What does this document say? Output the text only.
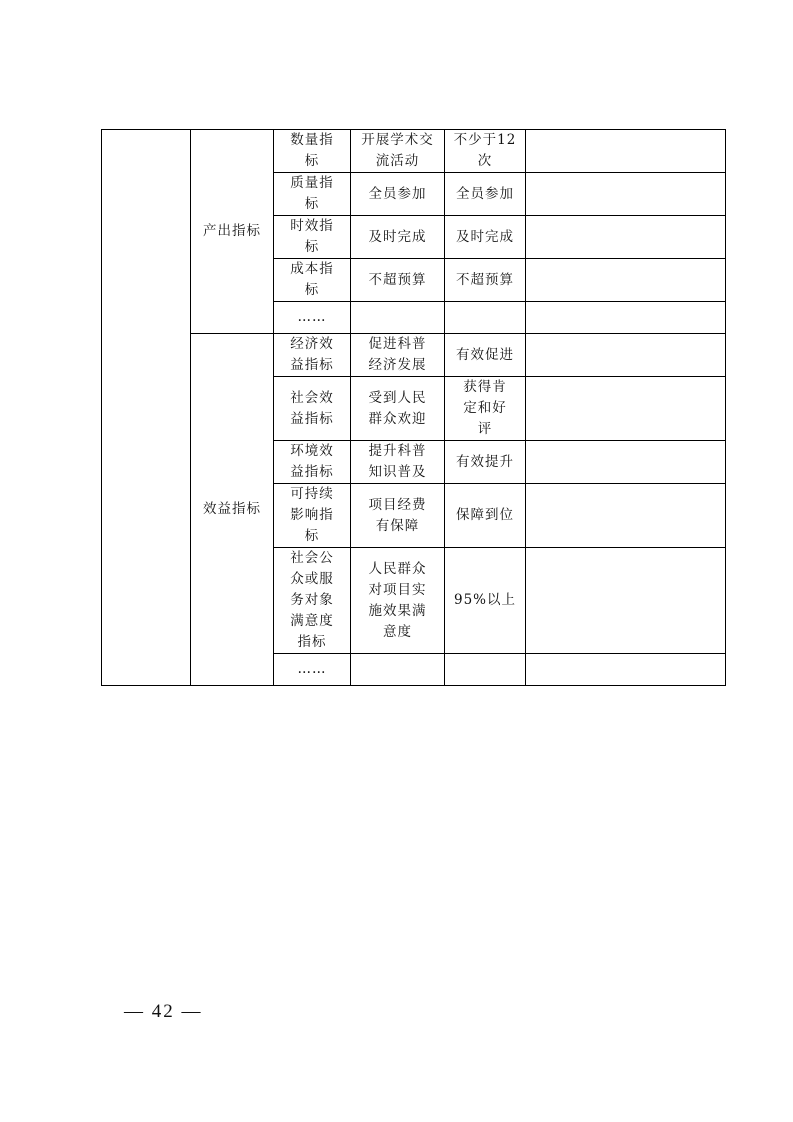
	产出指标	数量指标	开展学术交流活动	不少于12次	

		质量指标	全员参加	全员参加	

		时效指标	及时完成	及时完成	

		成本指标	不超预算	不超预算	

		……			

	效益指标	经济效益指标	促进科普经济发展	有效促进	

		社会效益指标	受到人民群众欢迎	获得肯定和好评	

		环境效益指标	提升科普知识普及	有效提升	

		可持续影响指标	项目经费有保障	保障到位	

		社会公众或服务对象满意度指标	人民群众对项目实施效果满意度	95%以上	

		……			

— 42 —
